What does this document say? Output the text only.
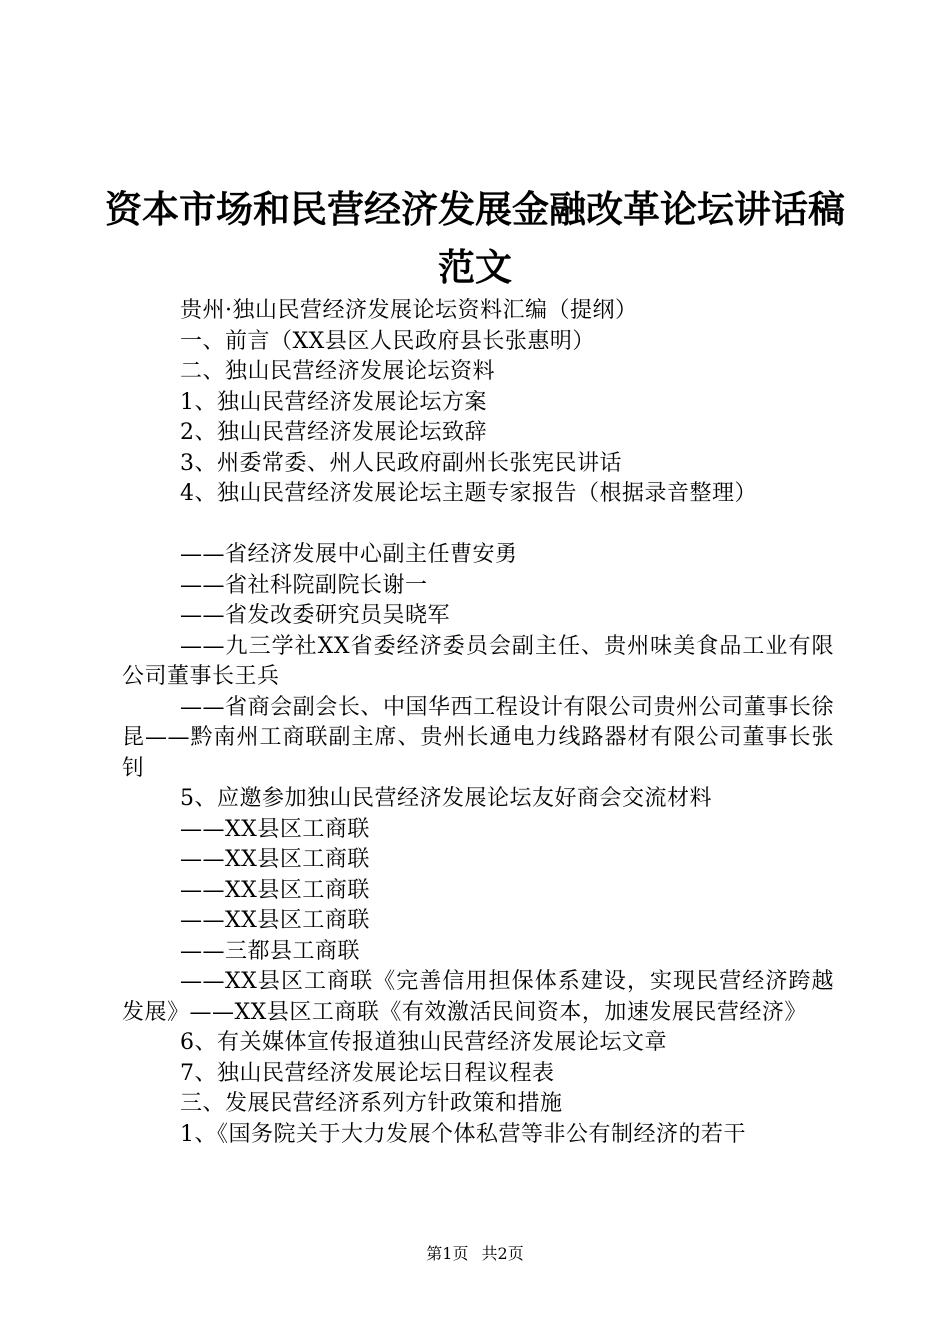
资本市场和民营经济发展金融改革论坛讲话稿
范文

贵州·独山民营经济发展论坛资料汇编（提纲）

一、前言（XX县区人民政府县长张惠明）

二、独山民营经济发展论坛资料

1、独山民营经济发展论坛方案

2、独山民营经济发展论坛致辞

3、州委常委、州人民政府副州长张宪民讲话

4、独山民营经济发展论坛主题专家报告（根据录音整理）

——省经济发展中心副主任曹安勇

——省社科院副院长谢一

——省发改委研究员吴晓军

——九三学社XX省委经济委员会副主任、贵州味美食品工业有限公司董事长王兵

——省商会副会长、中国华西工程设计有限公司贵州公司董事长徐昆——黔南州工商联副主席、贵州长通电力线路器材有限公司董事长张钊

5、应邀参加独山民营经济发展论坛友好商会交流材料

——XX县区工商联

——XX县区工商联

——XX县区工商联

——XX县区工商联

——三都县工商联

——XX县区工商联《完善信用担保体系建设，实现民营经济跨越发展》——XX县区工商联《有效激活民间资本，加速发展民营经济》

6、有关媒体宣传报道独山民营经济发展论坛文章

7、独山民营经济发展论坛日程议程表

三、发展民营经济系列方针政策和措施

1、《国务院关于大力发展个体私营等非公有制经济的若干

第1页 共2页
